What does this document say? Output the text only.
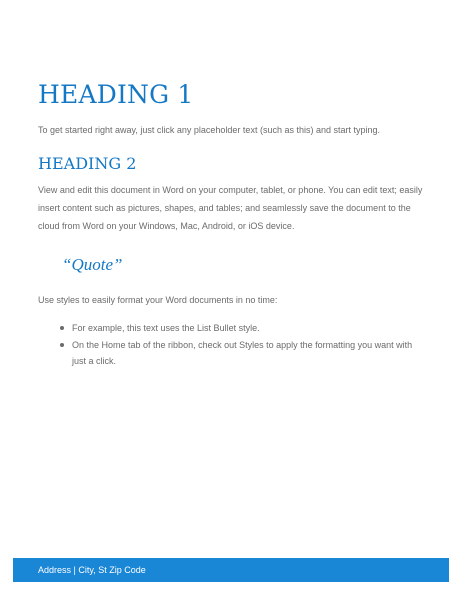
HEADING 1

To get started right away, just click any placeholder text (such as this) and start typing.

HEADING 2

View and edit this document in Word on your computer, tablet, or phone. You can edit text; easily insert content such as pictures, shapes, and tables; and seamlessly save the document to the cloud from Word on your Windows, Mac, Android, or iOS device.

“Quote”

Use styles to easily format your Word documents in no time:

For example, this text uses the List Bullet style.
On the Home tab of the ribbon, check out Styles to apply the formatting you want with just a click.
Address | City, St Zip Code
